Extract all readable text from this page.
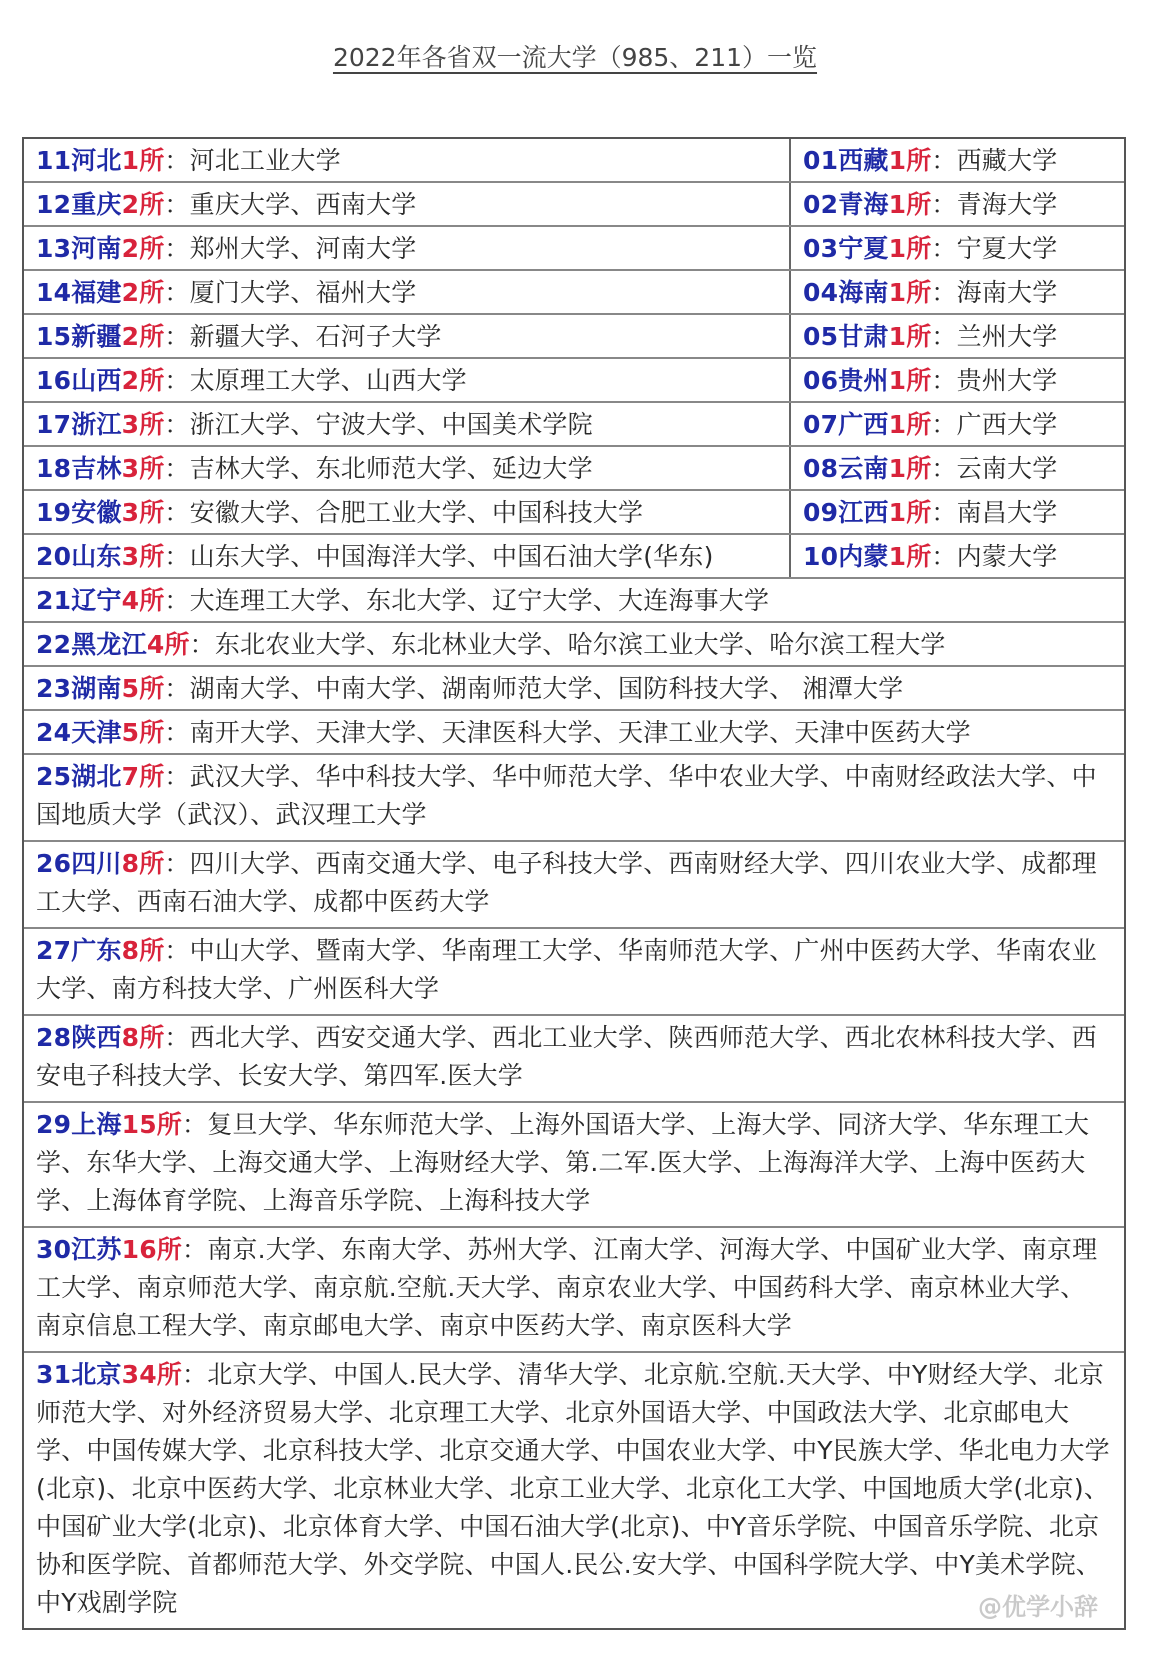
2022年各省双一流大学（985、211）一览
11河北1所：河北工业大学	01西藏1所：西藏大学
12重庆2所：重庆大学、西南大学	02青海1所：青海大学
13河南2所：郑州大学、河南大学	03宁夏1所：宁夏大学
14福建2所：厦门大学、福州大学	04海南1所：海南大学
15新疆2所：新疆大学、石河子大学	05甘肃1所：兰州大学
16山西2所：太原理工大学、山西大学	06贵州1所：贵州大学
17浙江3所：浙江大学、宁波大学、中国美术学院	07广西1所：广西大学
18吉林3所：吉林大学、东北师范大学、延边大学	08云南1所：云南大学
19安徽3所：安徽大学、合肥工业大学、中国科技大学	09江西1所：南昌大学
20山东3所：山东大学、中国海洋大学、中国石油大学(华东)	10内蒙1所：内蒙大学
21辽宁4所：大连理工大学、东北大学、辽宁大学、大连海事大学
22黑龙江4所：东北农业大学、东北林业大学、哈尔滨工业大学、哈尔滨工程大学
23湖南5所：湖南大学、中南大学、湖南师范大学、国防科技大学、 湘潭大学
24天津5所：南开大学、天津大学、天津医科大学、天津工业大学、天津中医药大学
25湖北7所：武汉大学、华中科技大学、华中师范大学、华中农业大学、中南财经政法大学、中国地质大学（武汉）、武汉理工大学
26四川8所：四川大学、西南交通大学、电子科技大学、西南财经大学、四川农业大学、成都理工大学、西南石油大学、成都中医药大学
27广东8所：中山大学、暨南大学、华南理工大学、华南师范大学、广州中医药大学、华南农业大学、南方科技大学、广州医科大学
28陕西8所：西北大学、西安交通大学、西北工业大学、陕西师范大学、西北农林科技大学、西安电子科技大学、长安大学、第四军.医大学
29上海15所：复旦大学、华东师范大学、上海外国语大学、上海大学、同济大学、华东理工大学、东华大学、上海交通大学、上海财经大学、第.二军.医大学、上海海洋大学、上海中医药大学、上海体育学院、上海音乐学院、上海科技大学
30江苏16所：南京.大学、东南大学、苏州大学、江南大学、河海大学、中国矿业大学、南京理工大学、南京师范大学、南京航.空航.天大学、南京农业大学、中国药科大学、南京林业大学、南京信息工程大学、南京邮电大学、南京中医药大学、南京医科大学
31北京34所：北京大学、中国人.民大学、清华大学、北京航.空航.天大学、中Y财经大学、北京师范大学、对外经济贸易大学、北京理工大学、北京外国语大学、中国政法大学、北京邮电大学、中国传媒大学、北京科技大学、北京交通大学、中国农业大学、中Y民族大学、华北电力大学(北京)、北京中医药大学、北京林业大学、北京工业大学、北京化工大学、中国地质大学(北京)、中国矿业大学(北京)、北京体育大学、中国石油大学(北京)、中Y音乐学院、中国音乐学院、北京协和医学院、首都师范大学、外交学院、中国人.民公.安大学、中国科学院大学、中Y美术学院、中Y戏剧学院	@优学小辞
